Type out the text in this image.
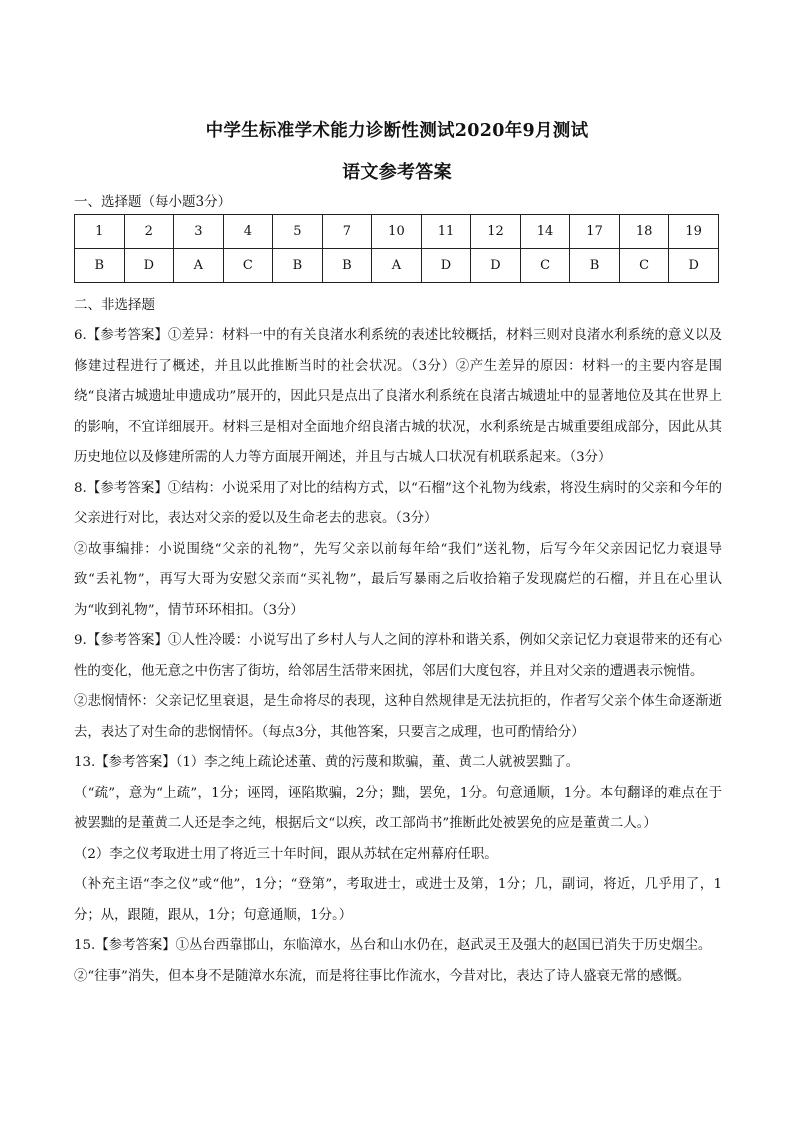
中学生标准学术能力诊断性测试2020年9月测试
语文参考答案
一、选择题（每小题3分）
1	2	3	4	5	7	10	11	12	14	17	18	19
B	D	A	C	B	B	A	D	D	C	B	C	D
二、非选择题

6.【参考答案】①差异：材料一中的有关良渚水利系统的表述比较概括，材料三则对良渚水利系统的意义以及修建过程进行了概述，并且以此推断当时的社会状况。（3分）②产生差异的原因：材料一的主要内容是围绕“良渚古城遗址申遗成功”展开的，因此只是点出了良渚水利系统在良渚古城遗址中的显著地位及其在世界上的影响，不宜详细展开。材料三是相对全面地介绍良渚古城的状况，水利系统是古城重要组成部分，因此从其历史地位以及修建所需的人力等方面展开阐述，并且与古城人口状况有机联系起来。（3分）

8.【参考答案】①结构：小说采用了对比的结构方式，以“石榴”这个礼物为线索，将没生病时的父亲和今年的父亲进行对比，表达对父亲的爱以及生命老去的悲哀。（3分）

②故事编排：小说围绕“父亲的礼物”，先写父亲以前每年给“我们”送礼物，后写今年父亲因记忆力衰退导致“丢礼物”，再写大哥为安慰父亲而“买礼物”，最后写暴雨之后收拾箱子发现腐烂的石榴，并且在心里认为“收到礼物”，情节环环相扣。（3分）

9.【参考答案】①人性冷暖：小说写出了乡村人与人之间的淳朴和谐关系，例如父亲记忆力衰退带来的还有心性的变化，他无意之中伤害了街坊，给邻居生活带来困扰，邻居们大度包容，并且对父亲的遭遇表示惋惜。

②悲悯情怀：父亲记忆里衰退，是生命将尽的表现，这种自然规律是无法抗拒的，作者写父亲个体生命逐渐逝去，表达了对生命的悲悯情怀。（每点3分，其他答案，只要言之成理，也可酌情给分）

13.【参考答案】（1）李之纯上疏论述董、黄的污蔑和欺骗，董、黄二人就被罢黜了。

（“疏”，意为“上疏”，1分；诬罔，诬陷欺骗，2分；黜，罢免，1分。句意通顺，1分。本句翻译的难点在于被罢黜的是董黄二人还是李之纯，根据后文“以疾，改工部尚书”推断此处被罢免的应是董黄二人。）

（2）李之仪考取进士用了将近三十年时间，跟从苏轼在定州幕府任职。

（补充主语“李之仪”或“他”，1分；“登第”，考取进士，或进士及第，1分；几，副词，将近，几乎用了，1分；从，跟随，跟从，1分；句意通顺，1分。）

15.【参考答案】①丛台西靠邯山，东临漳水，丛台和山水仍在，赵武灵王及强大的赵国已消失于历史烟尘。

②“往事”消失，但本身不是随漳水东流，而是将往事比作流水，今昔对比，表达了诗人盛衰无常的感慨。
